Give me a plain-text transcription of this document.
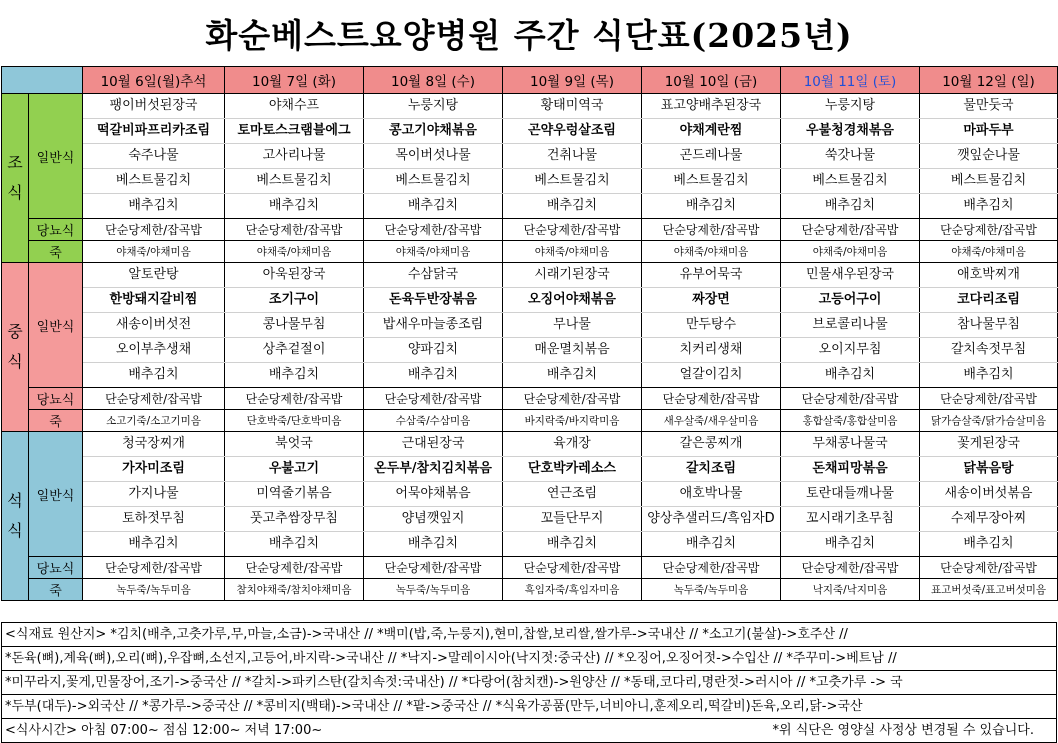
화순베스트요양병원 주간 식단표(2025년)
		10월 6일(월)추석	10월 7일 (화)	10월 8일 (수)	10월 9일 (목)	10월 10일 (금)	10월 11일 (토)	10월 12일 (일)
조
식	일반식	팽이버섯된장국	야채수프	누룽지탕	황태미역국	표고양배추된장국	누룽지탕	물만둣국
		떡갈비파프리카조림	토마토스크램블에그	콩고기야채볶음	곤약우렁살조림	야채계란찜	우불청경채볶음	마파두부
		숙주나물	고사리나물	목이버섯나물	건취나물	곤드레나물	쑥갓나물	깻잎순나물
		베스트물김치	베스트물김치	베스트물김치	베스트물김치	베스트물김치	베스트물김치	베스트물김치
		배추김치	배추김치	배추김치	배추김치	배추김치	배추김치	배추김치
	당뇨식	단순당제한/잡곡밥	단순당제한/잡곡밥	단순당제한/잡곡밥	단순당제한/잡곡밥	단순당제한/잡곡밥	단순당제한/잡곡밥	단순당제한/잡곡밥
	죽	야채죽/야채미음	야채죽/야채미음	야채죽/야채미음	야채죽/야채미음	야채죽/야채미음	야채죽/야채미음	야채죽/야채미음
중
식	일반식	알토란탕	아욱된장국	수삼닭국	시래기된장국	유부어묵국	민물새우된장국	애호박찌개
		한방돼지갈비찜	조기구이	돈육두반장볶음	오징어야채볶음	짜장면	고등어구이	코다리조림
		새송이버섯전	콩나물무침	밥새우마늘종조림	무나물	만두탕수	브로콜리나물	참나물무침
		오이부추생채	상추겉절이	양파김치	매운멸치볶음	치커리생채	오이지무침	갈치속젓무침
		배추김치	배추김치	배추김치	배추김치	얼갈이김치	배추김치	배추김치
	당뇨식	단순당제한/잡곡밥	단순당제한/잡곡밥	단순당제한/잡곡밥	단순당제한/잡곡밥	단순당제한/잡곡밥	단순당제한/잡곡밥	단순당제한/잡곡밥
	죽	소고기죽/소고기미음	단호박죽/단호박미음	수삼죽/수삼미음	바지락죽/바지락미음	새우살죽/새우살미음	홍합살죽/홍합살미음	닭가슴살죽/닭가슴살미음
석
식	일반식	청국장찌개	북엇국	근대된장국	육개장	갈은콩찌개	무채콩나물국	꽃게된장국
		가자미조림	우불고기	온두부/참치김치볶음	단호박카레소스	갈치조림	돈채피망볶음	닭볶음탕
		가지나물	미역줄기볶음	어묵야채볶음	연근조림	애호박나물	토란대들깨나물	새송이버섯볶음
		토하젓무침	풋고추쌈장무침	양념깻잎지	꼬들단무지	양상추샐러드/흑임자D	꼬시래기초무침	수제무장아찌
		배추김치	배추김치	배추김치	배추김치	배추김치	배추김치	배추김치
	당뇨식	단순당제한/잡곡밥	단순당제한/잡곡밥	단순당제한/잡곡밥	단순당제한/잡곡밥	단순당제한/잡곡밥	단순당제한/잡곡밥	단순당제한/잡곡밥
	죽	녹두죽/녹두미음	참치야채죽/참치야채미음	녹두죽/녹두미음	흑임자죽/흑임자미음	녹두죽/녹두미음	낙지죽/낙지미음	표고버섯죽/표고버섯미음
<식재료 원산지> *김치(배추,고춧가루,무,마늘,소금)->국내산 // *백미(밥,죽,누룽지),현미,찹쌀,보리쌀,쌀가루->국내산 // *소고기(불살)->호주산 //
*돈육(뼈),계육(뼈),오리(뼈),우잡뼈,소선지,고등어,바지락->국내산 // *낙지->말레이시아(낙지젓:중국산) // *오징어,오징어젓->수입산 // *주꾸미->베트남 //
*미꾸라지,꽃게,민물장어,조기->중국산 // *갈치->파키스탄(갈치속젓:국내산) // *다랑어(참치캔)->원양산 // *동태,코다리,명란젓->러시아 // *고춧가루 -> 국
*두부(대두)->외국산 // *콩가루->중국산 // *콩비지(백태)->국내산 // *팥->중국산 // *식육가공품(만두,너비아니,훈제오리,떡갈비)돈육,오리,닭->국산
<식사시간> 아침 07:00~ 점심 12:00~ 저녁 17:00~	*위 식단은 영양실 사정상 변경될 수 있습니다.
